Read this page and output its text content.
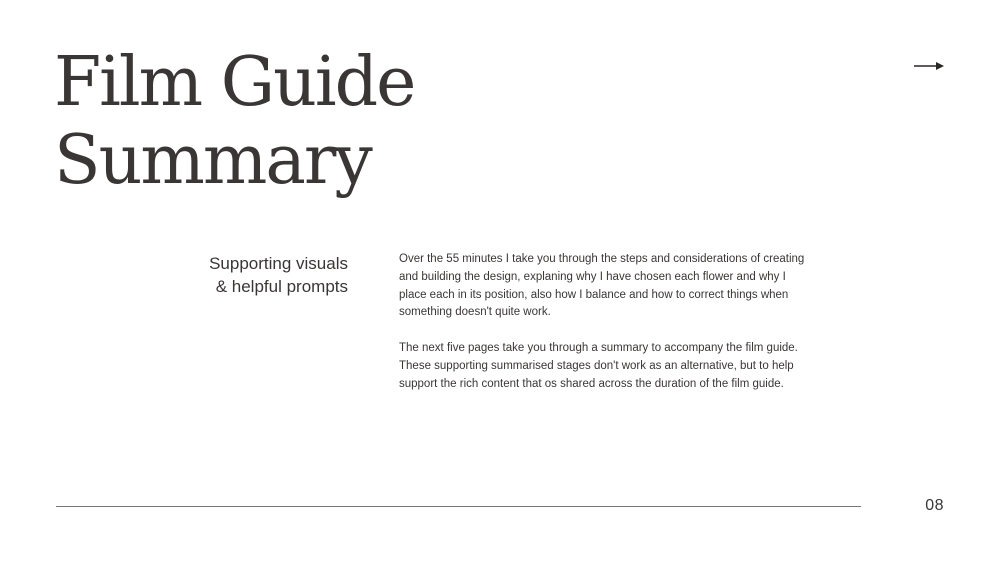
Film Guide
Summary
Supporting visuals
& helpful prompts

Over the 55 minutes I take you through the steps and considerations of creating
and building the design, explaning why I have chosen each flower and why I
place each in its position, also how I balance and how to correct things when
something doesn't quite work.

The next five pages take you through a summary to accompany the film guide.
These supporting summarised stages don't work as an alternative, but to help
support the rich content that os shared across the duration of the film guide.

08
